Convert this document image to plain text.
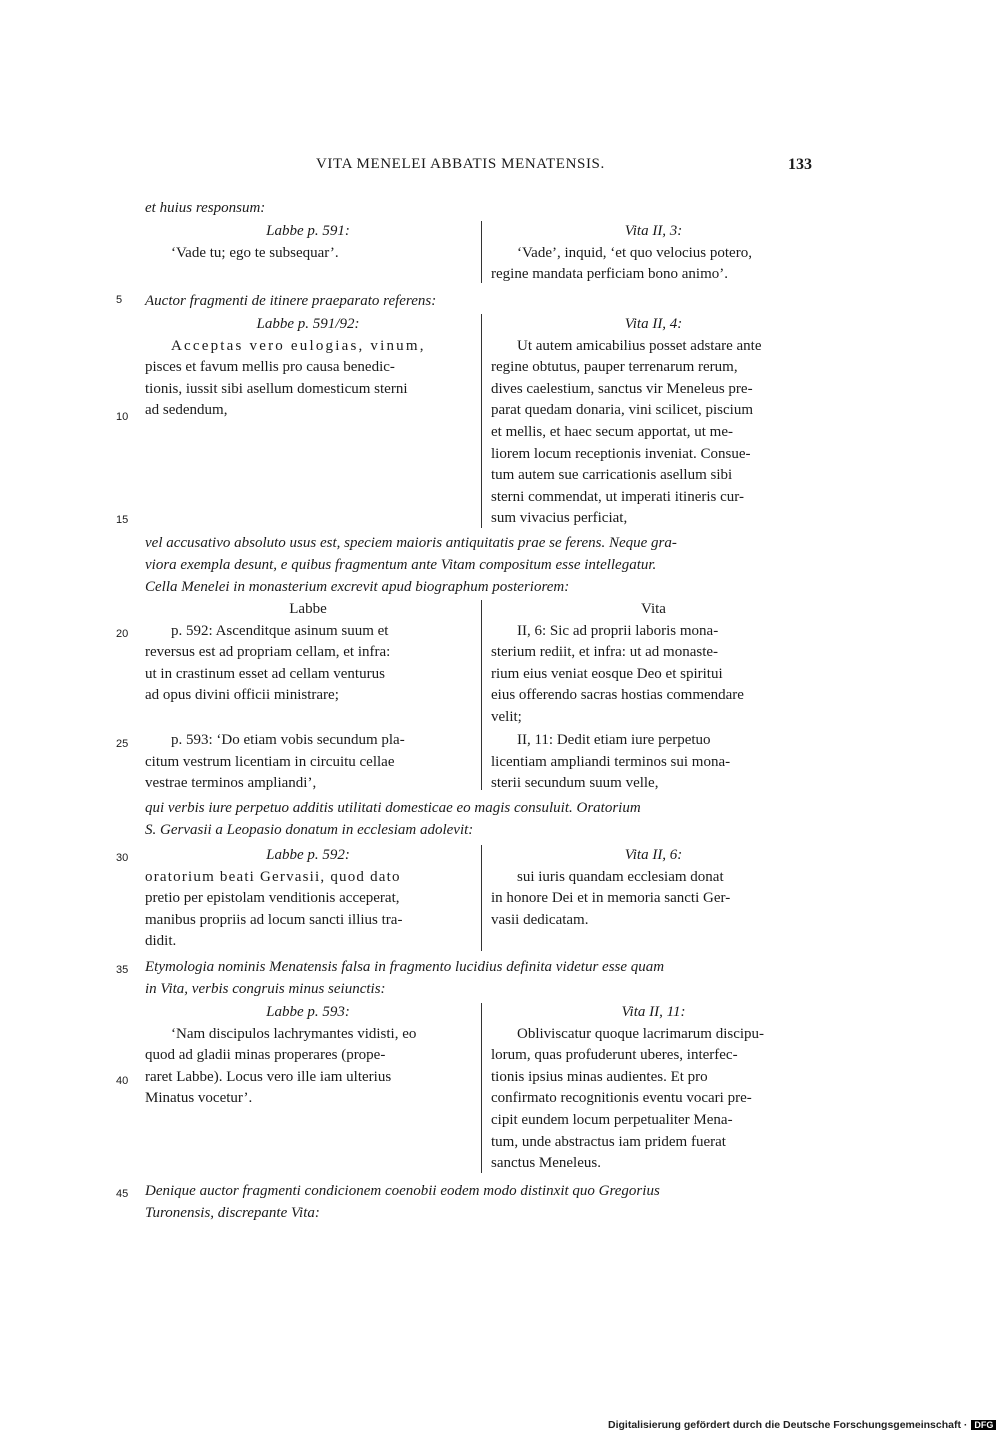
VITA MENELEI ABBATIS MENATENSIS.	133
5
10
15
20
25
30
35
40
45
et huius responsum:
Labbe p. 591:
‘Vade tu; ego te subsequar’.
Vita II, 3:
‘Vade’, inquid, ‘et quo velocius potero,
regine mandata perficiam bono animo’.
Auctor fragmenti de itinere praeparato referens:
Labbe p. 591/92:
Acceptas vero eulogias, vinum,
pisces et favum mellis pro causa benedic-
tionis, iussit sibi asellum domesticum sterni
ad sedendum,
Vita II, 4:
Ut autem amicabilius posset adstare ante
regine obtutus, pauper terrenarum rerum,
dives caelestium, sanctus vir Meneleus pre-
parat quedam donaria, vini scilicet, piscium
et mellis, et haec secum apportat, ut me-
liorem locum receptionis inveniat. Consue-
tum autem sue carricationis asellum sibi
sterni commendat, ut imperati itineris cur-
sum vivacius perficiat,
vel accusativo absoluto usus est, speciem maioris antiquitatis prae se ferens. Neque gra-
viora exempla desunt, e quibus fragmentum ante Vitam compositum esse intellegatur.
Cella Menelei in monasterium excrevit apud biographum posteriorem:
Labbe
p. 592: Ascenditque asinum suum et
reversus est ad propriam cellam, et infra:
ut in crastinum esset ad cellam venturus
ad opus divini officii ministrare;
Vita
II, 6: Sic ad proprii laboris mona-
sterium rediit, et infra: ut ad monaste-
rium eius veniat eosque Deo et spiritui
eius offerendo sacras hostias commendare
velit;
p. 593: ‘Do etiam vobis secundum pla-
citum vestrum licentiam in circuitu cellae
vestrae terminos ampliandi’,
II, 11: Dedit etiam iure perpetuo
licentiam ampliandi terminos sui mona-
sterii secundum suum velle,
qui verbis iure perpetuo additis utilitati domesticae eo magis consuluit. Oratorium
S. Gervasii a Leopasio donatum in ecclesiam adolevit:
Labbe p. 592:
oratorium beati Gervasii, quod dato
pretio per epistolam venditionis acceperat,
manibus propriis ad locum sancti illius tra-
didit.
Vita II, 6:
sui iuris quandam ecclesiam donat
in honore Dei et in memoria sancti Ger-
vasii dedicatam.
Etymologia nominis Menatensis falsa in fragmento lucidius definita videtur esse quam
in Vita, verbis congruis minus seiunctis:
Labbe p. 593:
‘Nam discipulos lachrymantes vidisti, eo
quod ad gladii minas properares (prope-
raret Labbe). Locus vero ille iam ulterius
Minatus vocetur’.
Vita II, 11:
Obliviscatur quoque lacrimarum discipu-
lorum, quas profuderunt uberes, interfec-
tionis ipsius minas audientes. Et pro
confirmato recognitionis eventu vocari pre-
cipit eundem locum perpetualiter Mena-
tum, unde abstractus iam pridem fuerat
sanctus Meneleus.
Denique auctor fragmenti condicionem coenobii eodem modo distinxit quo Gregorius
Turonensis, discrepante Vita:
Digitalisierung gefördert durch die Deutsche Forschungsgemeinschaft · DFG
